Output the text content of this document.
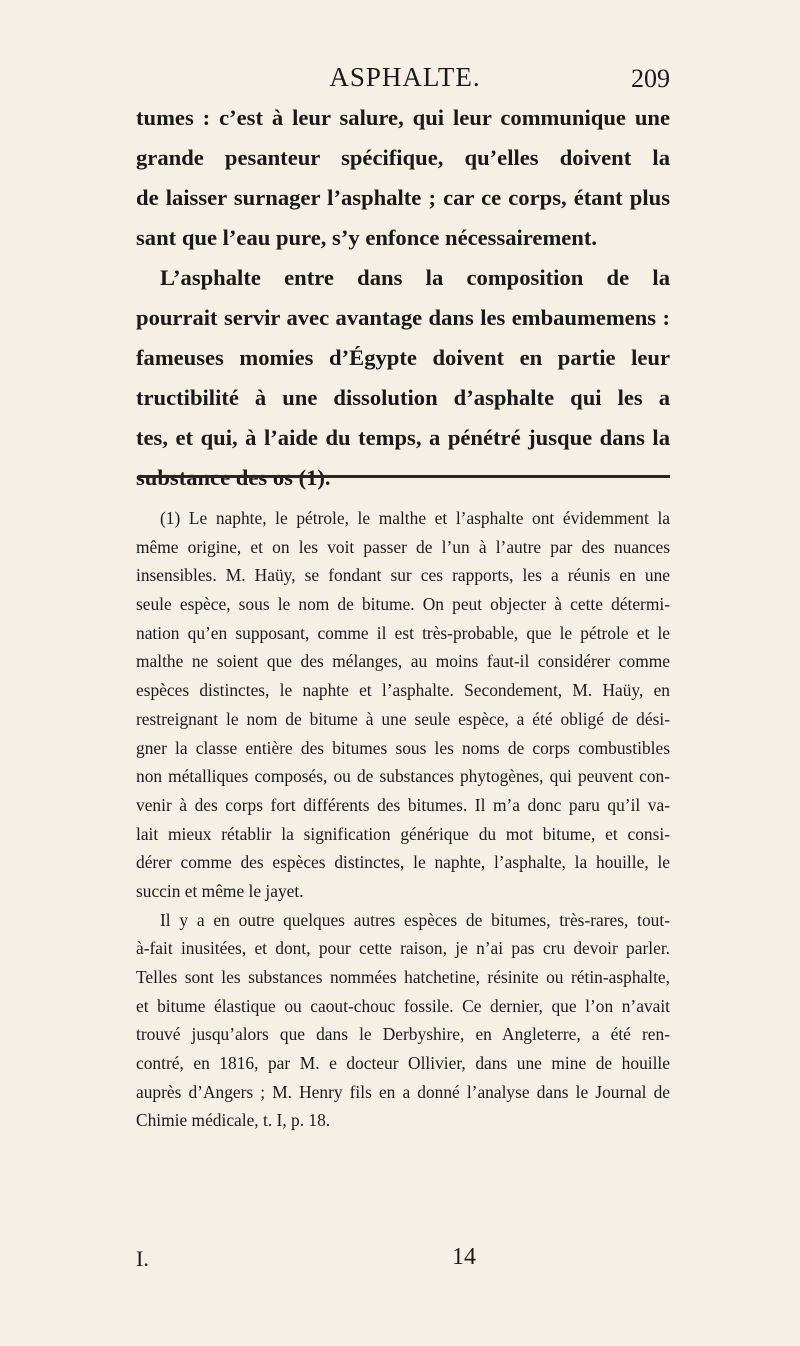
ASPHALTE.	209
tumes : c’est à leur salure, qui leur communique une
grande pesanteur spécifique, qu’elles doivent la
de laisser surnager l’asphalte ; car ce corps, étant plus
sant que l’eau pure, s’y enfonce nécessairement.
L’asphalte entre dans la composition de la
pourrait servir avec avantage dans les embaumemens :
fameuses momies d’Égypte doivent en partie leur
tructibilité à une dissolution d’asphalte qui les a
tes, et qui, à l’aide du temps, a pénétré jusque dans la
substance des os (1).
(1) Le naphte, le pétrole, le malthe et l’asphalte ont évidemment la
même origine, et on les voit passer de l’un à l’autre par des nuances
insensibles. M. Haüy, se fondant sur ces rapports, les a réunis en une
seule espèce, sous le nom de bitume. On peut objecter à cette détermi-
nation qu’en supposant, comme il est très-probable, que le pétrole et le
malthe ne soient que des mélanges, au moins faut-il considérer comme
espèces distinctes, le naphte et l’asphalte. Secondement, M. Haüy, en
restreignant le nom de bitume à une seule espèce, a été obligé de dési-
gner la classe entière des bitumes sous les noms de corps combustibles
non métalliques composés, ou de substances phytogènes, qui peuvent con-
venir à des corps fort différents des bitumes. Il m’a donc paru qu’il va-
lait mieux rétablir la signification générique du mot bitume, et consi-
dérer comme des espèces distinctes, le naphte, l’asphalte, la houille, le
succin et même le jayet.
Il y a en outre quelques autres espèces de bitumes, très-rares, tout-
à-fait inusitées, et dont, pour cette raison, je n’ai pas cru devoir parler.
Telles sont les substances nommées hatchetine, résinite ou rétin-asphalte,
et bitume élastique ou caout-chouc fossile. Ce dernier, que l’on n’avait
trouvé jusqu’alors que dans le Derbyshire, en Angleterre, a été ren-
contré, en 1816, par M. e docteur Ollivier, dans une mine de houille
auprès d’Angers ; M. Henry fils en a donné l’analyse dans le Journal de
Chimie médicale, t. I, p. 18.
I.	14
